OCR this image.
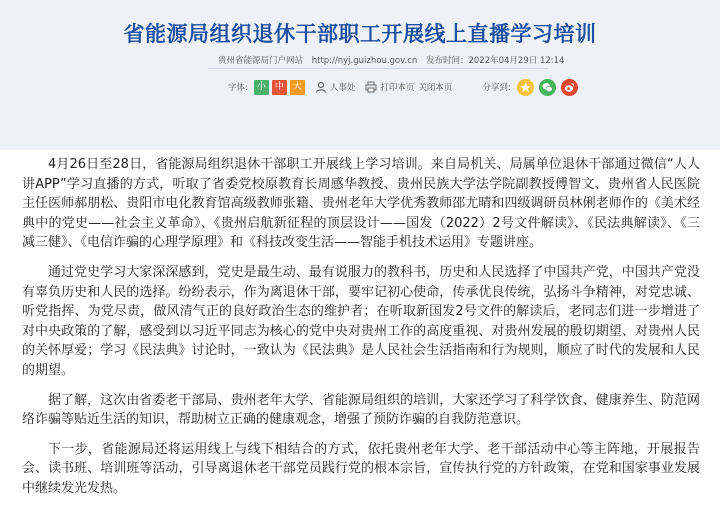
省能源局组织退休干部职工开展线上直播学习培训
贵州省能源局门户网站 http://nyj.guizhou.gov.cn 发布时间：2022年04月29日 12:14
字体: 小 中 大	人事处	打印本页 关闭本页	分享到:

4月26日至28日，省能源局组织退休干部职工开展线上学习培训。来自局机关、局属单位退休干部通过微信“人人讲APP”学习直播的方式，听取了省委党校原教育长周感华教授、贵州民族大学法学院副教授傅智文、贵州省人民医院主任医师郝朋松、贵阳市电化教育馆高级教师张籍、贵州老年大学优秀教师邵尤晴和四级调研员林俐老师作的《美术经典中的党史——社会主义革命》、《贵州启航新征程的顶层设计——国发（2022）2号文件解读》、《民法典解读》、《三减三健》、《电信诈骗的心理学原理》和《科技改变生活——智能手机技术运用》专题讲座。

通过党史学习大家深深感到，党史是最生动、最有说服力的教科书，历史和人民选择了中国共产党，中国共产党没有辜负历史和人民的选择。纷纷表示，作为离退休干部，要牢记初心使命，传承优良传统，弘扬斗争精神，对党忠诚、听党指挥、为党尽责，做风清气正的良好政治生态的维护者；在听取新国发2号文件的解读后，老同志们进一步增进了对中央政策的了解，感受到以习近平同志为核心的党中央对贵州工作的高度重视、对贵州发展的殷切期望、对贵州人民的关怀厚爱；学习《民法典》讨论时，一致认为《民法典》是人民社会生活指南和行为规则，顺应了时代的发展和人民的期望。

据了解，这次由省委老干部局、贵州老年大学、省能源局组织的培训，大家还学习了科学饮食、健康养生、防范网络诈骗等贴近生活的知识，帮助树立正确的健康观念，增强了预防诈骗的自我防范意识。

下一步，省能源局还将运用线上与线下相结合的方式，依托贵州老年大学、老干部活动中心等主阵地，开展报告会、读书班、培训班等活动，引导离退休老干部党员践行党的根本宗旨，宣传执行党的方针政策，在党和国家事业发展中继续发光发热。
